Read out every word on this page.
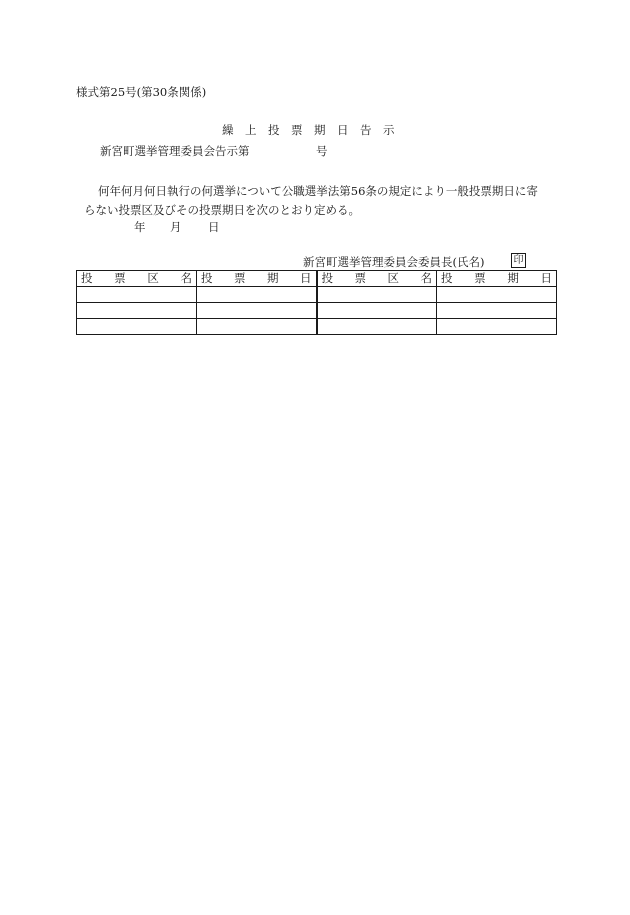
様式第25号(第30条関係)
繰上投票期日告示
新宮町選挙管理委員会告示第	号
何年何月何日執行の何選挙について公職選挙法第56条の規定により一般投票期日に寄
らない投票区及びその投票期日を次のとおり定める。
年 月 日
新宮町選挙管理委員会委員長(氏名)	印
投 票 区 名	投 票 期 日	投 票 区 名	投 票 期 日
